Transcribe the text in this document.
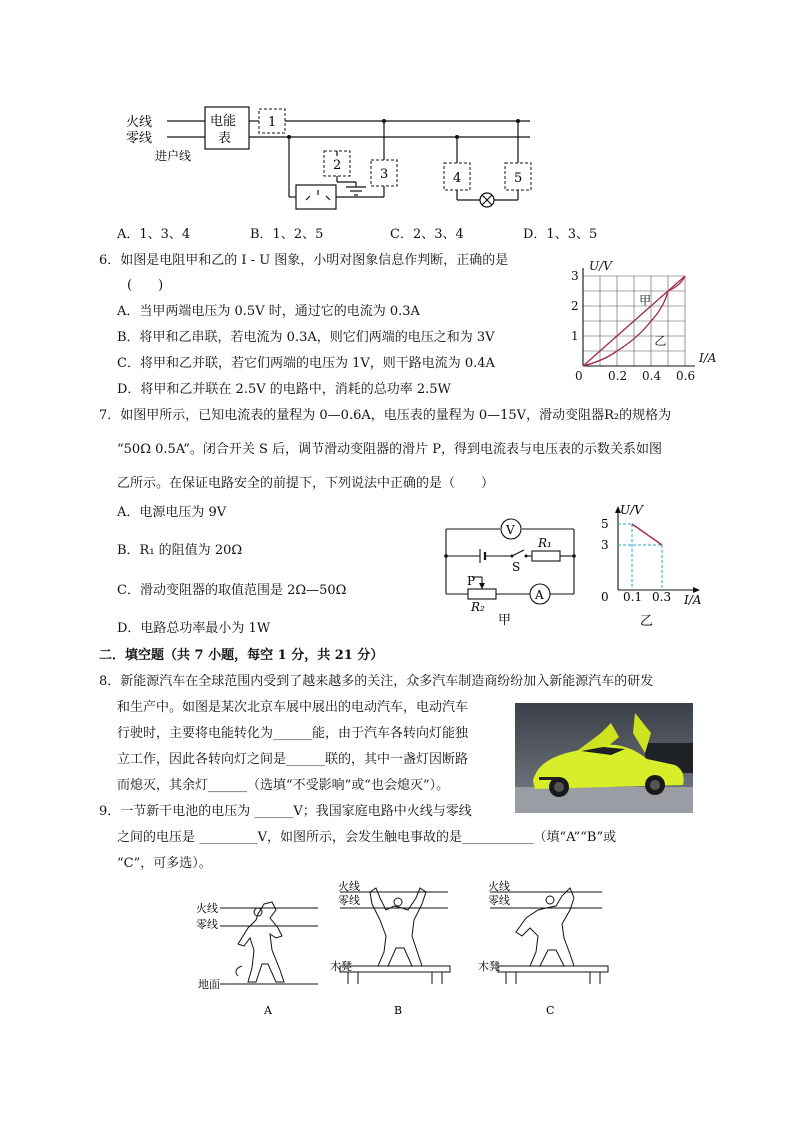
火线
零线
进户线
电能
表
1
2
3	4	5
A．1、3、4	B．1、2、5	C．2、3、4	D．1、3、5
6．如图是电阻甲和乙的 I - U 图象，小明对图象信息作判断，正确的是
(　　)
A．当甲两端电压为 0.5V 时，通过它的电流为 0.3A
B．将甲和乙串联，若电流为 0.3A，则它们两端的电压之和为 3V
C．将甲和乙并联，若它们两端的电压为 1V，则干路电流为 0.4A
D．将甲和乙并联在 2.5V 的电路中，消耗的总功率 2.5W
U/V
I/A
1
2
3
0 0.2 0.4 0.6
甲
乙
7．如图甲所示，已知电流表的量程为 0—0.6A，电压表的量程为 0—15V，滑动变阻器R₂的规格为
“50Ω 0.5A”。闭合开关 S 后，调节滑动变阻器的滑片 P，得到电流表与电压表的示数关系如图
乙所示。在保证电路安全的前提下，下列说法中正确的是（　　）
A．电源电压为 9V
B．R₁ 的阻值为 20Ω
C．滑动变阻器的取值范围是 2Ω—50Ω
D．电路总功率最小为 1W
V
A
R₁
S
P
R₂
甲
U/V
I/A
5
3
0 0.1 0.3
乙
二．填空题（共 7 小题，每空 1 分，共 21 分）
8．新能源汽车在全球范围内受到了越来越多的关注，众多汽车制造商纷纷加入新能源汽车的研发
和生产中。如图是某次北京车展中展出的电动汽车，电动汽车
行驶时，主要将电能转化为______能，由于汽车各转向灯能独
立工作，因此各转向灯之间是______联的，其中一盏灯因断路
而熄灭，其余灯______（选填“不受影响”或“也会熄灭”）。
9．一节新干电池的电压为 ______V；我国家庭电路中火线与零线
之间的电压是 _________V，如图所示，会发生触电事故的是___________（填“A”“B”或
“C”，可多选）。
火线
零线
地面
A
火线
零线
木凳
B
火线
零线
木凳
C
